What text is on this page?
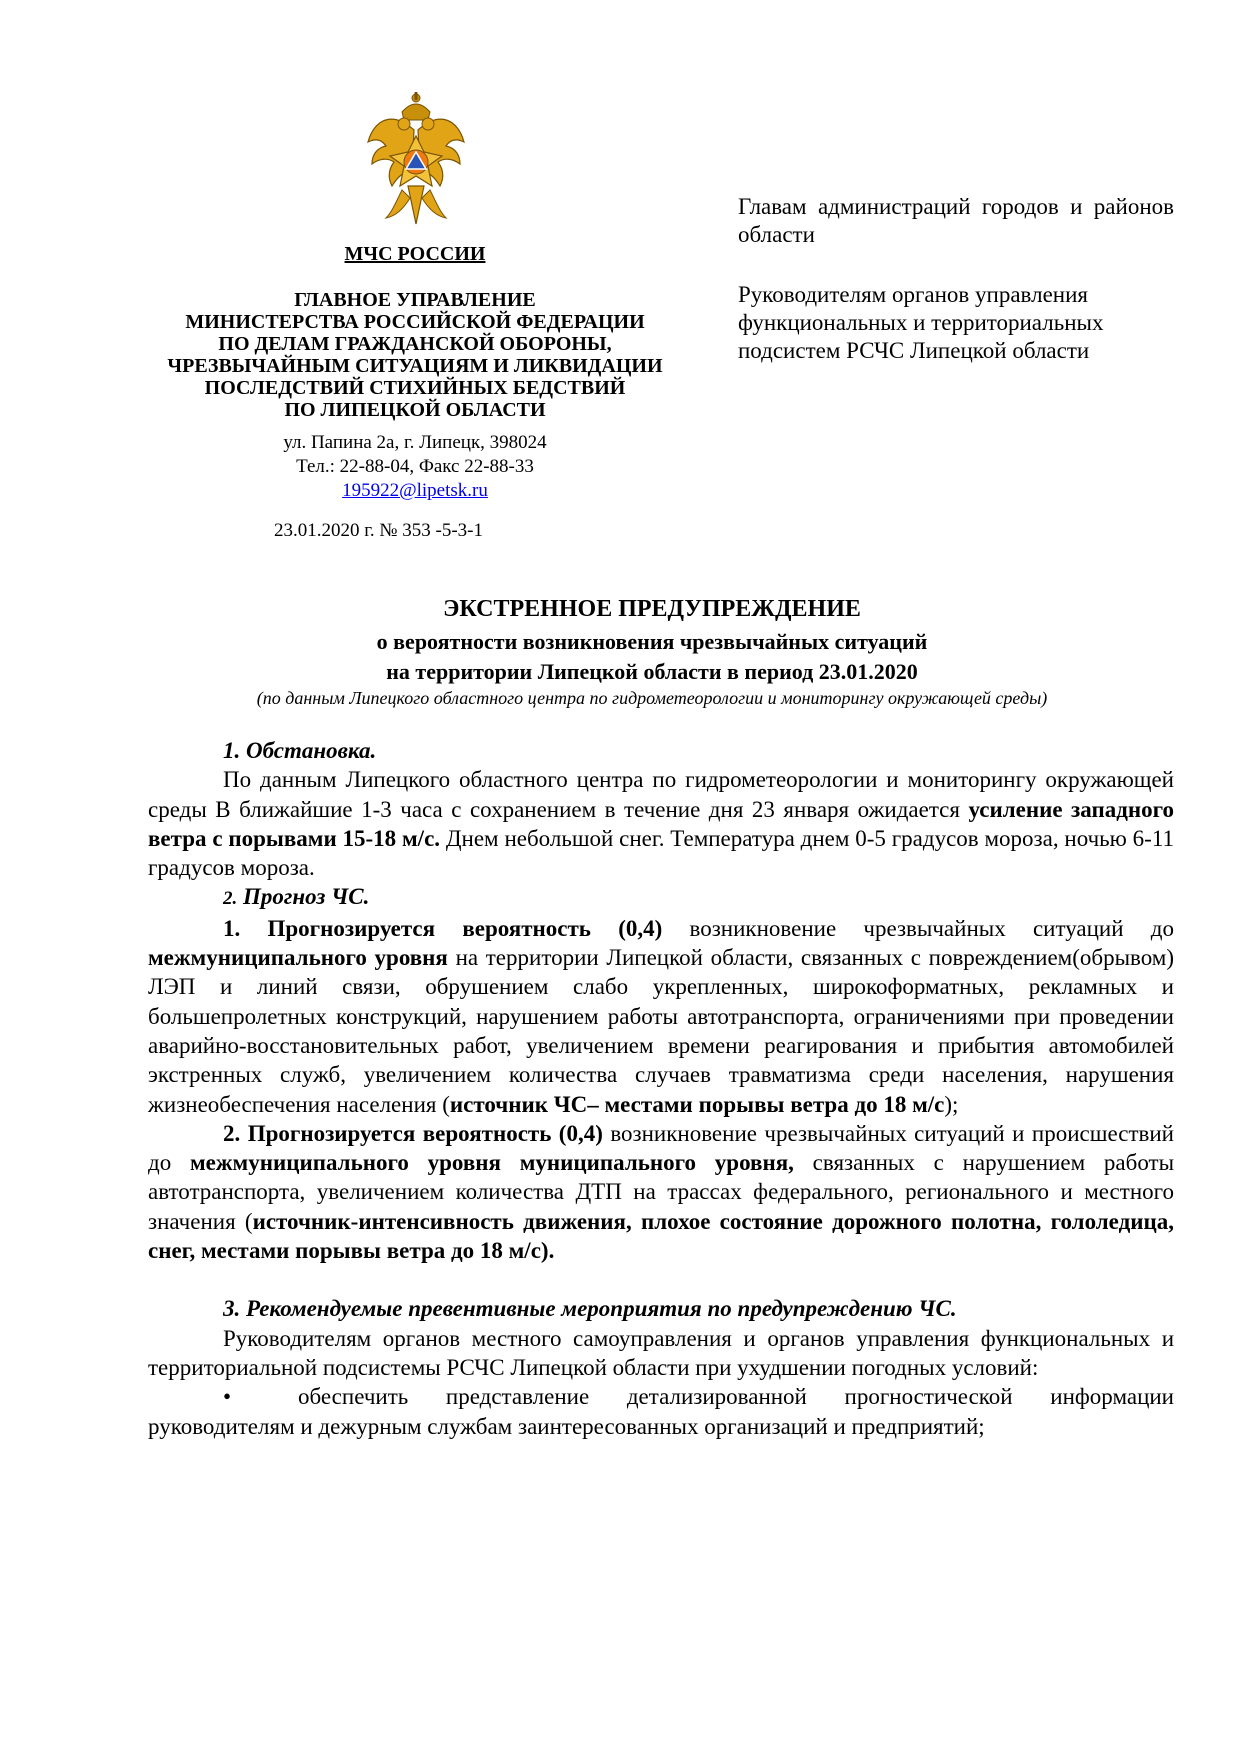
МЧС РОССИИ
ГЛАВНОЕ УПРАВЛЕНИЕ
МИНИСТЕРСТВА РОССИЙСКОЙ ФЕДЕРАЦИИ
ПО ДЕЛАМ ГРАЖДАНСКОЙ ОБОРОНЫ,
ЧРЕЗВЫЧАЙНЫМ СИТУАЦИЯМ И ЛИКВИДАЦИИ
ПОСЛЕДСТВИЙ СТИХИЙНЫХ БЕДСТВИЙ
ПО ЛИПЕЦКОЙ ОБЛАСТИ
ул. Папина 2а, г. Липецк, 398024
Тел.: 22-88-04, Факс 22-88-33
195922@lipetsk.ru
23.01.2020 г. № 353 -5-3-1
Главам администраций городов и районов области
Руководителям органов управления
функциональных и территориальных
подсистем РСЧС Липецкой области
ЭКСТРЕННОЕ ПРЕДУПРЕЖДЕНИЕ
о вероятности возникновения чрезвычайных ситуаций
на территории Липецкой области в период 23.01.2020
(по данным Липецкого областного центра по гидрометеорологии и мониторингу окружающей среды)

1. Обстановка.

По данным Липецкого областного центра по гидрометеорологии и мониторингу окружающей среды В ближайшие 1-3 часа с сохранением в течение дня 23 января ожидается усиление западного ветра с порывами 15-18 м/с. Днем небольшой снег. Температура днем 0-5 градусов мороза, ночью 6-11 градусов мороза.

2. Прогноз ЧС.

1. Прогнозируется вероятность (0,4) возникновение чрезвычайных ситуаций до межмуниципального уровня на территории Липецкой области, связанных с повреждением(обрывом) ЛЭП и линий связи, обрушением слабо укрепленных, широкоформатных, рекламных и большепролетных конструкций, нарушением работы автотранспорта, ограничениями при проведении аварийно-восстановительных работ, увеличением времени реагирования и прибытия автомобилей экстренных служб, увеличением количества случаев травматизма среди населения, нарушения жизнеобеспечения населения (источник ЧС– местами порывы ветра до 18 м/с);

2. Прогнозируется вероятность (0,4) возникновение чрезвычайных ситуаций и происшествий до межмуниципального уровня муниципального уровня, связанных с нарушением работы автотранспорта, увеличением количества ДТП на трассах федерального, регионального и местного значения (источник-интенсивность движения, плохое состояние дорожного полотна, гололедица, снег, местами порывы ветра до 18 м/с).

3. Рекомендуемые превентивные мероприятия по предупреждению ЧС.

Руководителям органов местного самоуправления и органов управления функциональных и территориальной подсистемы РСЧС Липецкой области при ухудшении погодных условий:

•	обеспечить представление детализированной прогностической информации руководителям и дежурным службам заинтересованных организаций и предприятий;
